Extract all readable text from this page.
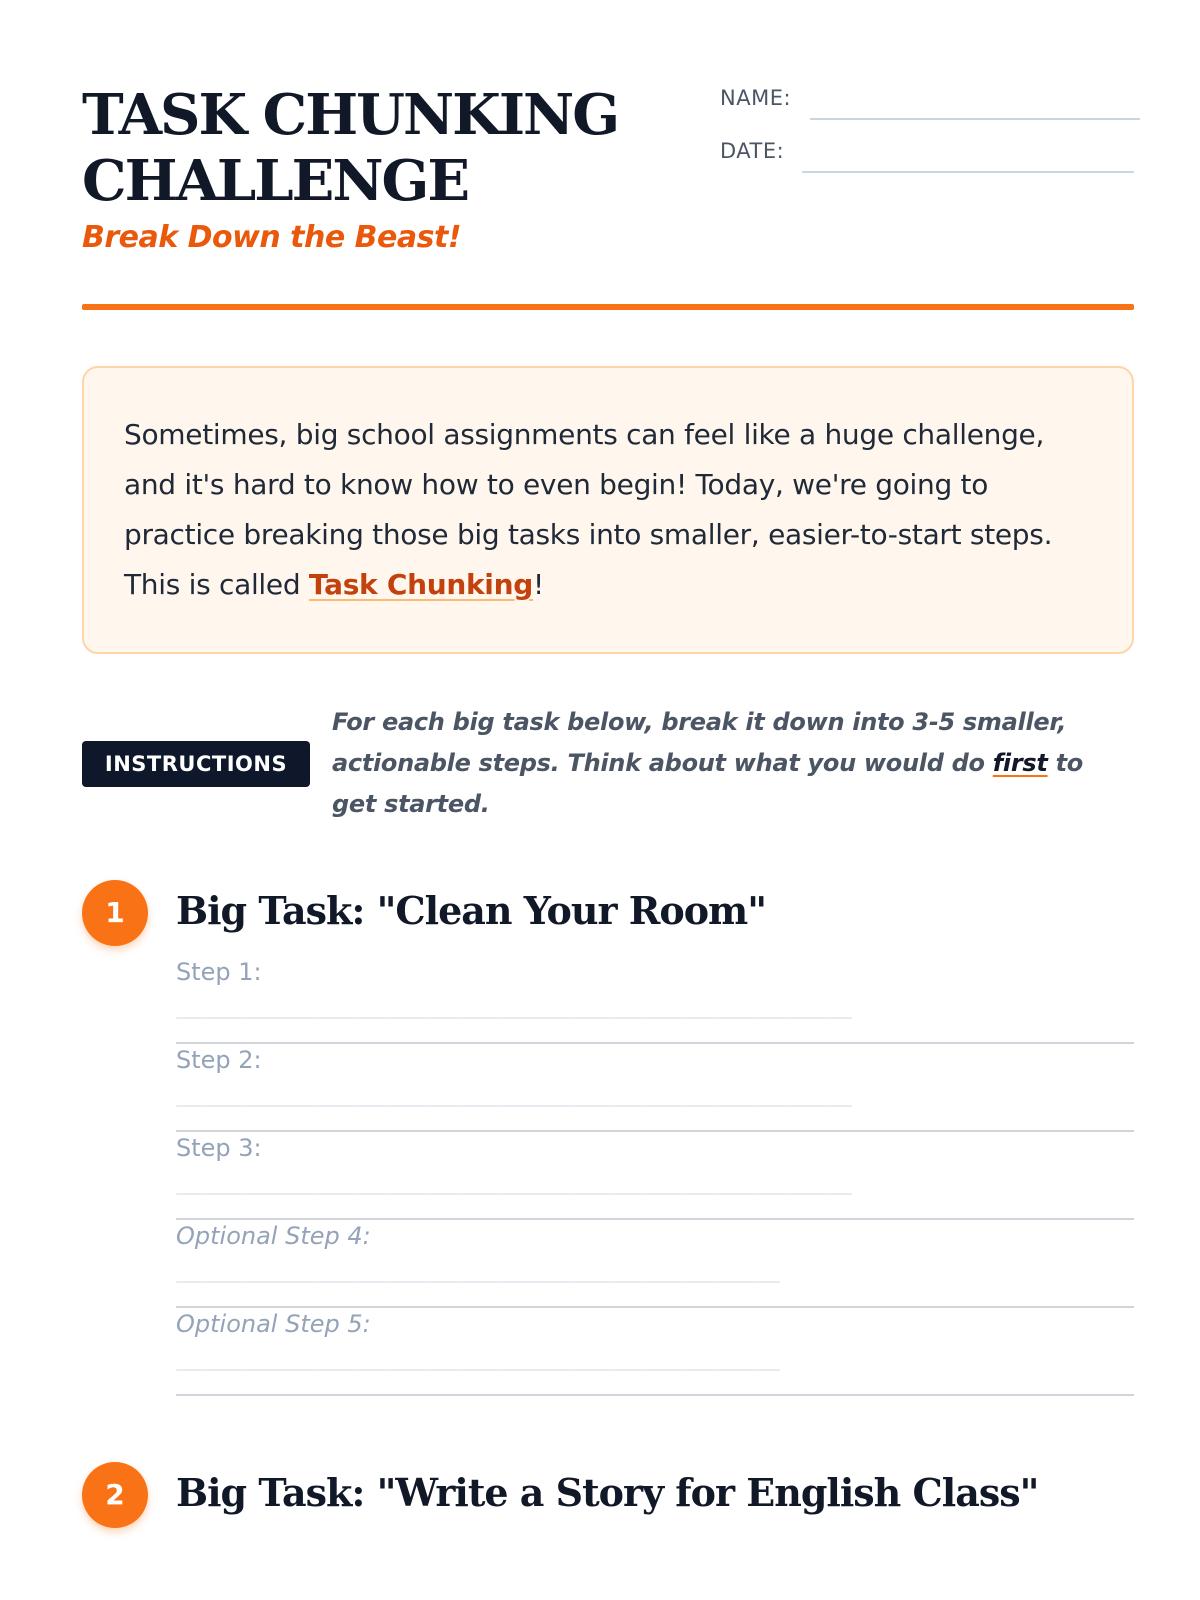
TASK CHUNKING
CHALLENGE
Break Down the Beast!
NAME:
DATE:
Sometimes, big school assignments can feel like a huge challenge, and it's hard to know how to even begin! Today, we're going to practice breaking those big tasks into smaller, easier-to-start steps. This is called Task Chunking!
INSTRUCTIONS
For each big task below, break it down into 3-5 smaller, actionable steps. Think about what you would do first to get started.
1	Big Task: "Clean Your Room"
Step 1:
__________________________________________________________________
Step 2:
__________________________________________________________________
Step 3:
__________________________________________________________________
Optional Step 4:
___________________________________________________________
Optional Step 5:
___________________________________________________________
2	Big Task: "Write a Story for English Class"
